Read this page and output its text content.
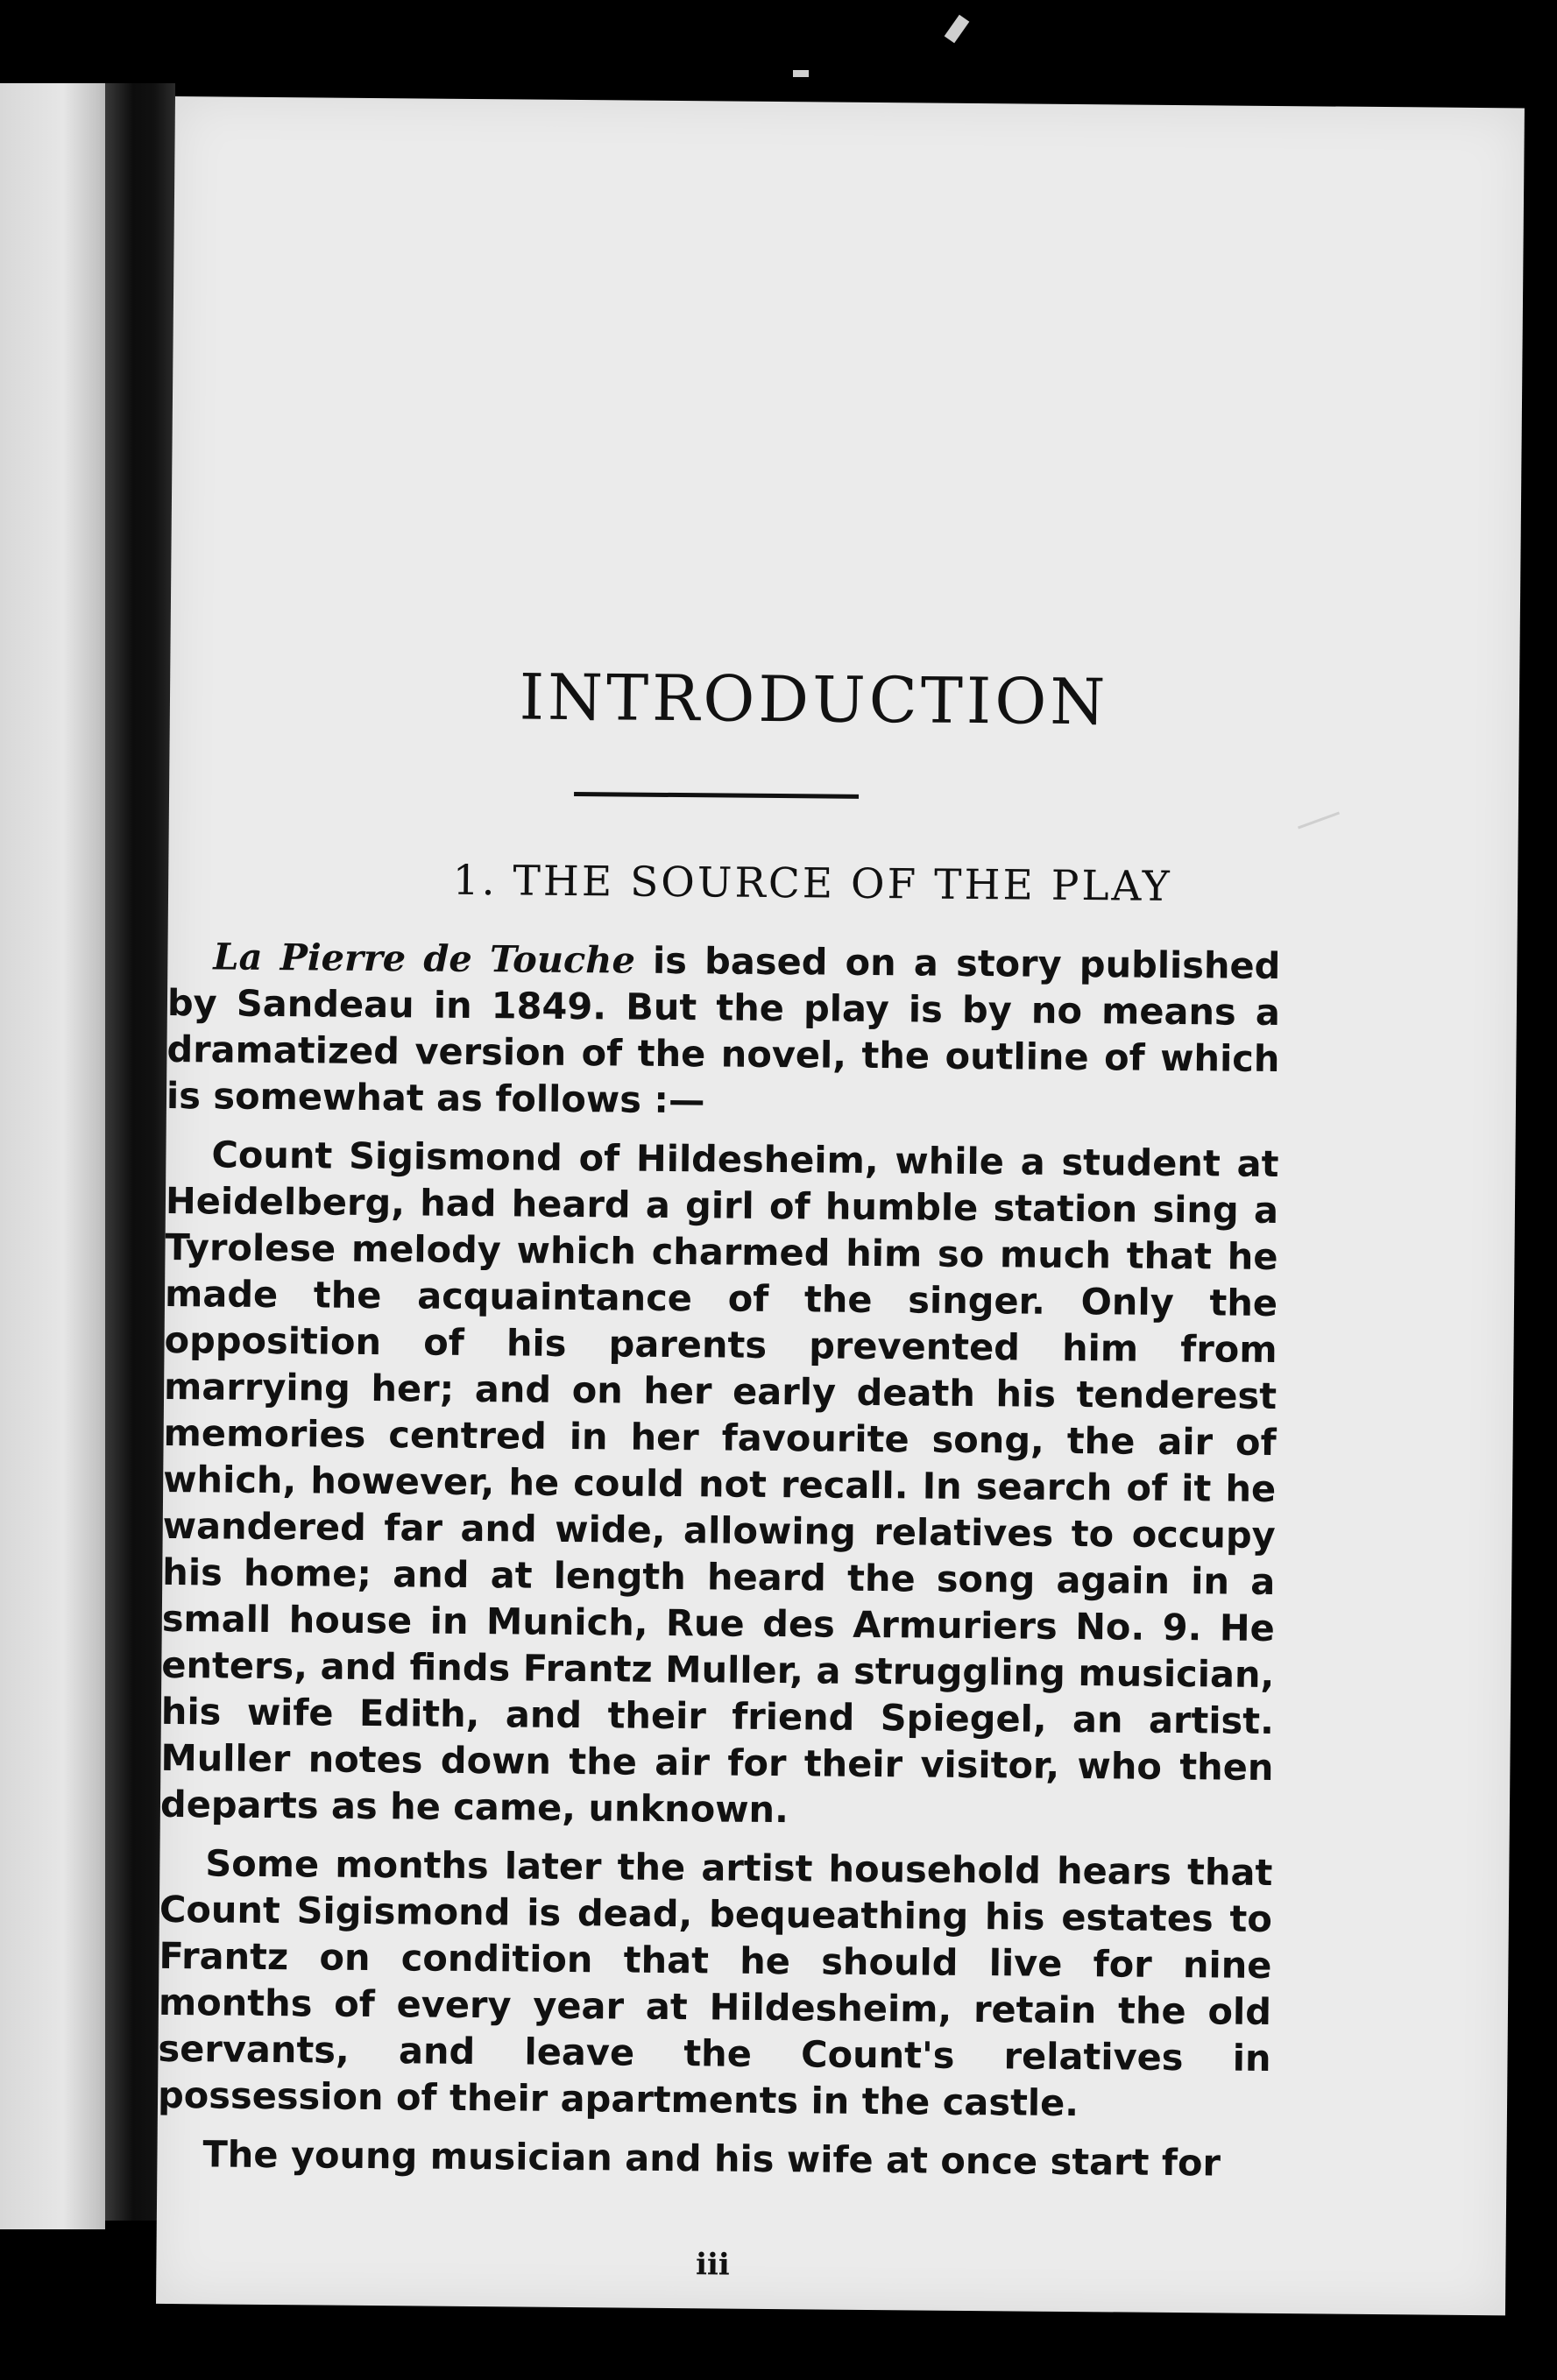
INTRODUCTION
1. THE SOURCE OF THE PLAY

La Pierre de Touche is based on a story published by Sandeau in 1849. But the play is by no means a dramatized version of the novel, the outline of which is somewhat as follows :—

Count Sigismond of Hildesheim, while a student at Heidelberg, had heard a girl of humble station sing a Tyrolese melody which charmed him so much that he made the acquaintance of the singer. Only the opposition of his parents prevented him from marrying her; and on her early death his tenderest memories centred in her favourite song, the air of which, however, he could not recall. In search of it he wandered far and wide, allowing relatives to occupy his home; and at length heard the song again in a small house in Munich, Rue des Armuriers No. 9. He enters, and finds Frantz Muller, a struggling musician, his wife Edith, and their friend Spiegel, an artist. Muller notes down the air for their visitor, who then departs as he came, unknown.

Some months later the artist household hears that Count Sigismond is dead, bequeathing his estates to Frantz on condition that he should live for nine months of every year at Hildesheim, retain the old servants, and leave the Count's relatives in possession of their apartments in the castle.

The young musician and his wife at once start for

iii
